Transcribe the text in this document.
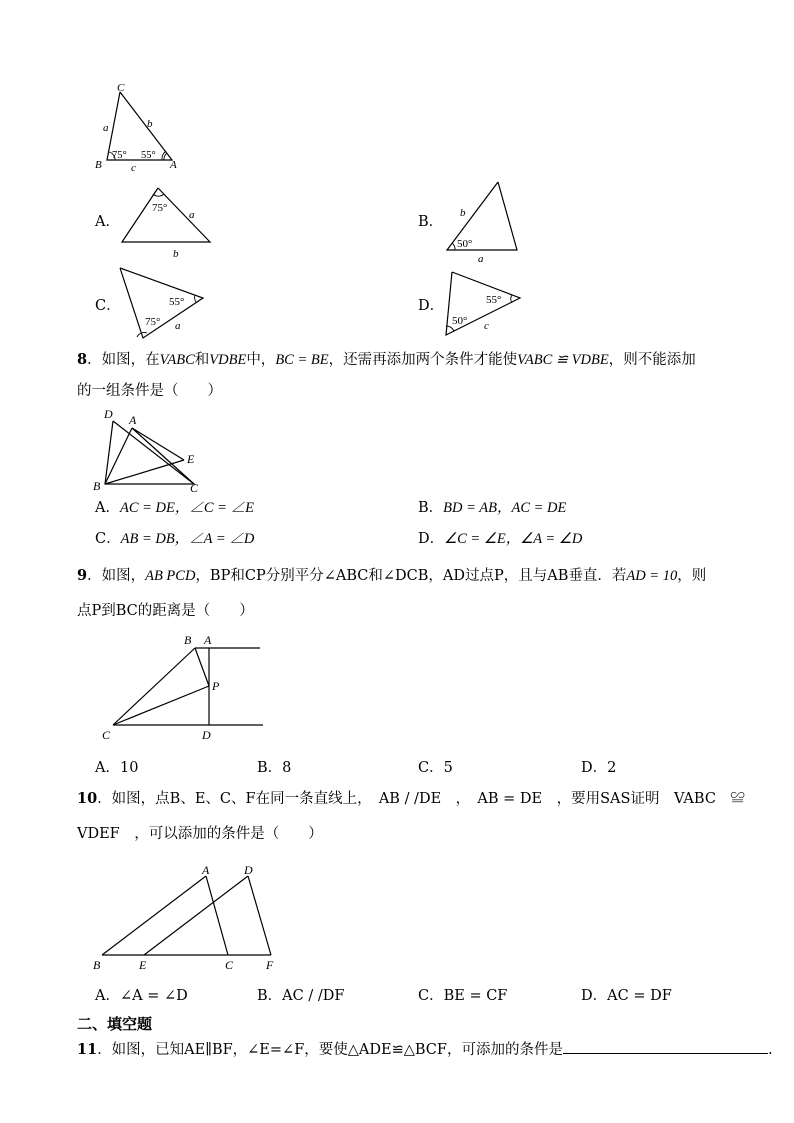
C
B	A
a	b
c
75° 55°
A．
75°
a
b
B．
b
50°
a
C．	55°
75° a
D．	55°
50° c
8．如图，在VABC和VDBE中，BC = BE，还需再添加两个条件才能使VABC ≌ VDBE，则不能添加
的一组条件是（　　）
D A
E
B	C
A．AC = DE，∠C = ∠E	B．BD = AB，AC = DE
C．AB = DB，∠A = ∠D	D．∠C = ∠E，∠A = ∠D
9．如图，AB PCD，BP和CP分别平分∠ABC和∠DCB，AD过点P，且与AB垂直．若AD = 10，则
点P到BC的距离是（　　）
B A
P
C	D
A．10	B．8	C．5	D．2
10．如图，点B、E、C、F在同一条直线上，　AB / /DE　，　AB = DE　，要用SAS证明　VABC　≌
VDEF　，可以添加的条件是（　　）
A	D
B	E	C	F
A．∠A = ∠D	B．AC / /DF	C．BE = CF	D．AC = DF
二、填空题
11．如图，已知AE∥BF，∠E=∠F，要使△ADE≌△BCF，可添加的条件是	.
